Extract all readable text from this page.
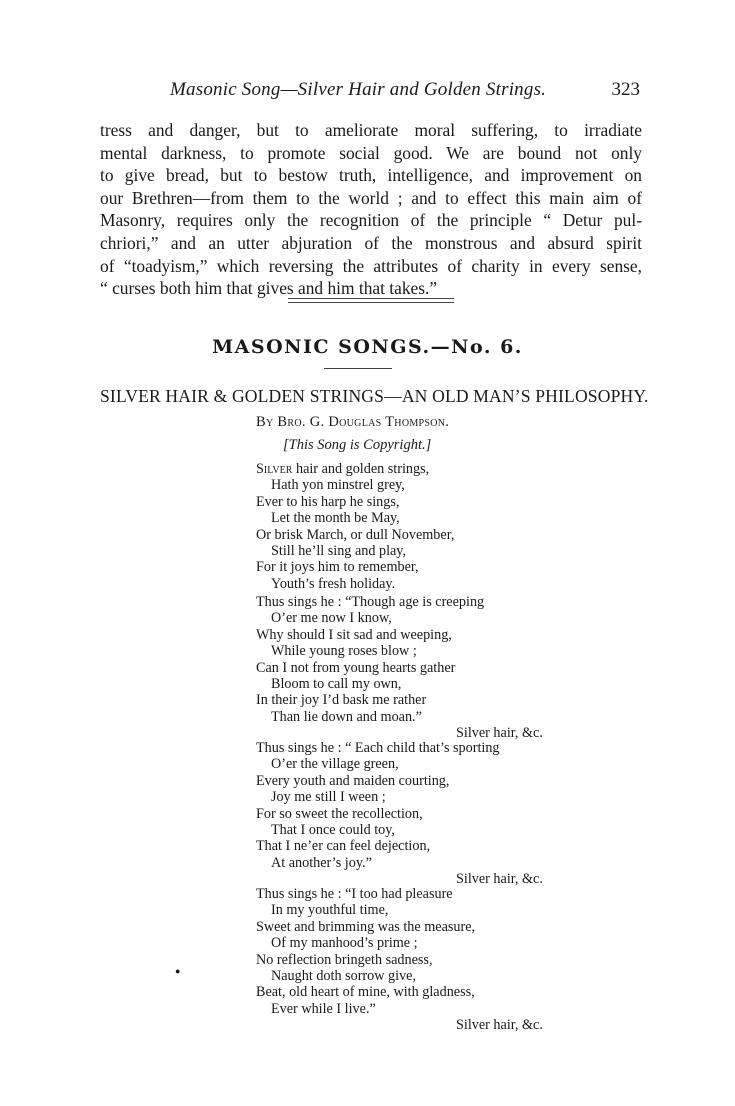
Masonic Song—Silver Hair and Golden Strings.	323

tress and danger, but to ameliorate moral suffering, to irradiate
mental darkness, to promote social good. We are bound not only
to give bread, but to bestow truth, intelligence, and improvement on
our Brethren—from them to the world ; and to effect this main aim of
Masonry, requires only the recognition of the principle “ Detur pul-
chriori,” and an utter abjuration of the monstrous and absurd spirit
of “toadyism,” which reversing the attributes of charity in every sense,
“ curses both him that gives and him that takes.”

MASONIC SONGS.—No. 6.
SILVER HAIR & GOLDEN STRINGS—AN OLD MAN’S PHILOSOPHY.
By Bro. G. Douglas Thompson.
[This Song is Copyright.]
Silver hair and golden strings,
Hath yon minstrel grey,
Ever to his harp he sings,
Let the month be May,
Or brisk March, or dull November,
Still he’ll sing and play,
For it joys him to remember,
Youth’s fresh holiday.
Thus sings he : “Though age is creeping
O’er me now I know,
Why should I sit sad and weeping,
While young roses blow ;
Can I not from young hearts gather
Bloom to call my own,
In their joy I’d bask me rather
Than lie down and moan.”
Silver hair, &c.
Thus sings he : “ Each child that’s sporting
O’er the village green,
Every youth and maiden courting,
Joy me still I ween ;
For so sweet the recollection,
That I once could toy,
That I ne’er can feel dejection,
At another’s joy.”
Silver hair, &c.
Thus sings he : “I too had pleasure
In my youthful time,
Sweet and brimming was the measure,
Of my manhood’s prime ;
No reflection bringeth sadness,
Naught doth sorrow give,
Beat, old heart of mine, with gladness,
Ever while I live.”
Silver hair, &c.
●
